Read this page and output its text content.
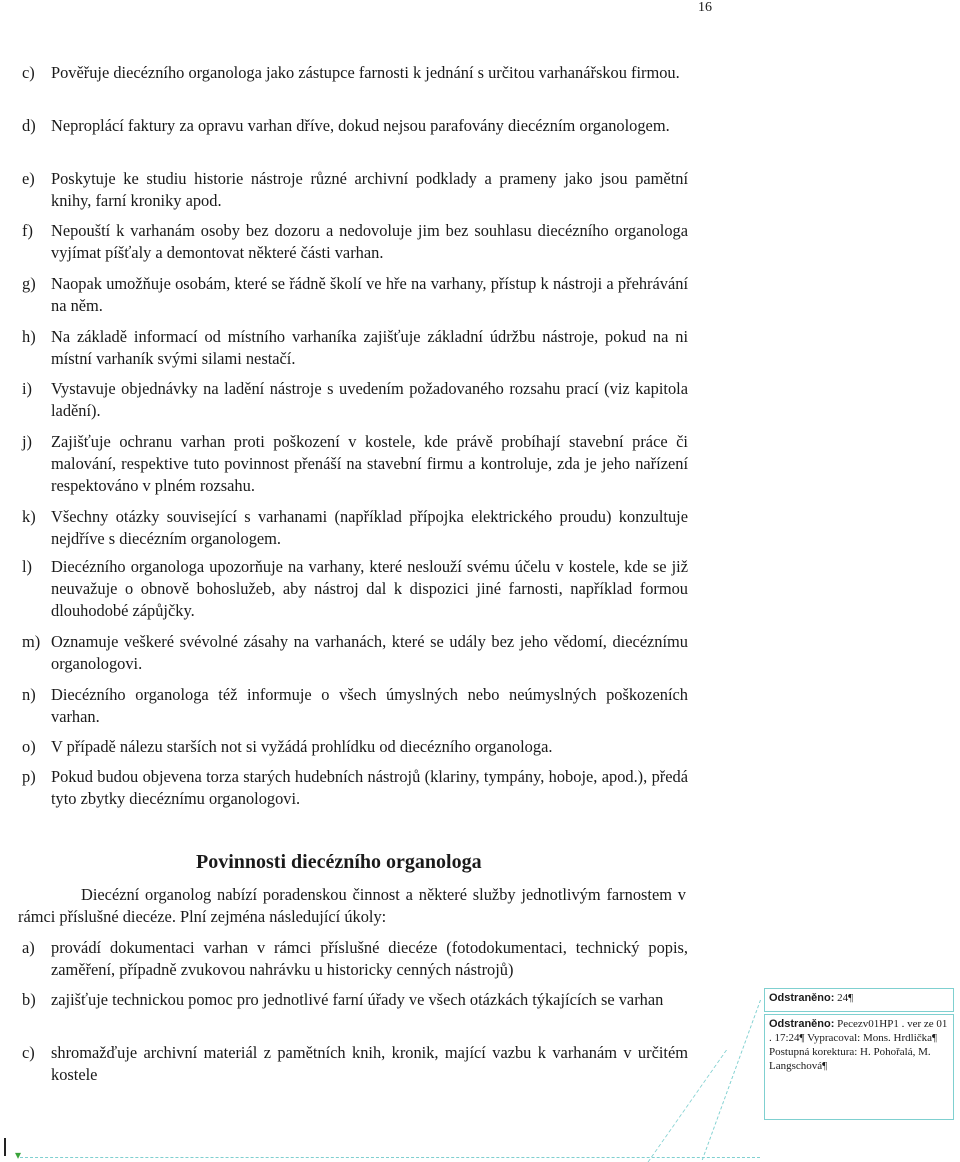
16
c) Pověřuje diecézního organologa jako zástupce farnosti k jednání s určitou varhanářskou firmou.
d) Neproplácí faktury za opravu varhan dříve, dokud nejsou parafovány diecézním organologem.
e) Poskytuje ke studiu historie nástroje různé archivní podklady a prameny jako jsou pamětní knihy, farní kroniky apod.
f) Nepouští k varhanám osoby bez dozoru a nedovoluje jim bez souhlasu diecézního organologa vyjímat píšťaly a demontovat některé části varhan.
g) Naopak umožňuje osobám, které se řádně školí ve hře na varhany, přístup k nástroji a přehrávání na něm.
h) Na základě informací od místního varhaníka zajišťuje základní údržbu nástroje, pokud na ni místní varhaník svými silami nestačí.
i) Vystavuje objednávky na ladění nástroje s uvedením požadovaného rozsahu prací (viz kapitola ladění).
j) Zajišťuje ochranu varhan proti poškození v kostele, kde právě probíhají stavební práce či malování, respektive tuto povinnost přenáší na stavební firmu a kontroluje, zda je jeho nařízení respektováno v plném rozsahu.
k) Všechny otázky související s varhanami (například přípojka elektrického proudu) konzultuje nejdříve s diecézním organologem.
l) Diecézního organologa upozorňuje na varhany, které neslouží svému účelu v kostele, kde se již neuvažuje o obnově bohoslužeb, aby nástroj dal k dispozici jiné farnosti, například formou dlouhodobé zápůjčky.
m) Oznamuje veškeré svévolné zásahy na varhanách, které se udály bez jeho vědomí, diecéznímu organologovi.
n) Diecézního organologa též informuje o všech úmyslných nebo neúmyslných poškozeních varhan.
o) V případě nálezu starších not si vyžádá prohlídku od diecézního organologa.
p) Pokud budou objevena torza starých hudebních nástrojů (klariny, tympány, hoboje, apod.), předá tyto zbytky diecéznímu organologovi.
Povinnosti diecézního organologa
Diecézní organolog nabízí poradenskou činnost a některé služby jednotlivým farnostem v rámci příslušné diecéze. Plní zejména následující úkoly:
a) provádí dokumentaci varhan v rámci příslušné diecéze (fotodokumentaci, technický popis, zaměření, případně zvukovou nahrávku u historicky cenných nástrojů)
b) zajišťuje technickou pomoc pro jednotlivé farní úřady ve všech otázkách týkajících se varhan
c) shromažďuje archivní materiál z pamětních knih, kronik, mající vazbu k varhanám v určitém kostele
Odstraněno: 24¶
Odstraněno: Pecezv01HP1 . ver ze 01 . 17:24¶ Vypracoval: Mons. Hrdlička¶ Postupná korektura: H. Pohořalá, M. Langschová¶
▾
